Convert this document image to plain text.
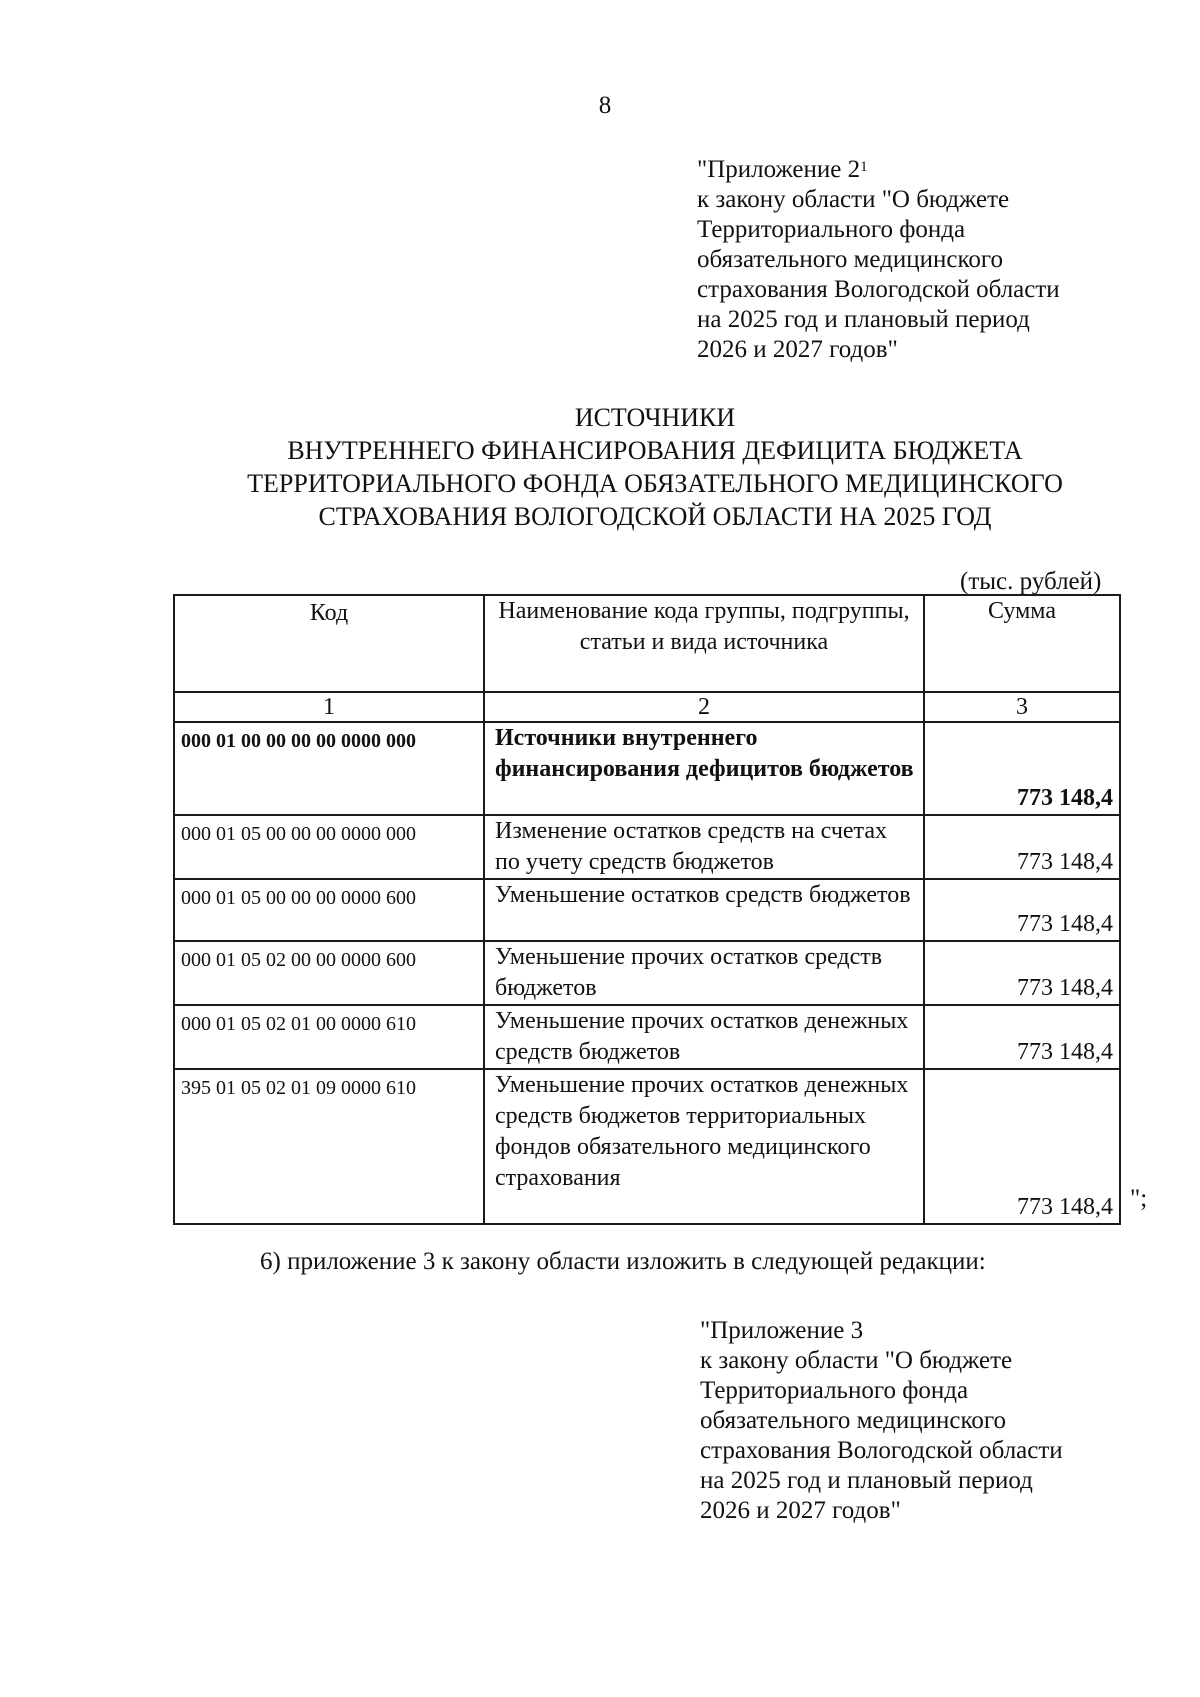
8
"Приложение $2^1$
к закону области "О бюджете
Территориального фонда
обязательного медицинского
страхования Вологодской области
на 2025 год и плановый период
2026 и 2027 годов"
ИСТОЧНИКИ
ВНУТРЕННЕГО ФИНАНСИРОВАНИЯ ДЕФИЦИТА БЮДЖЕТА
ТЕРРИТОРИАЛЬНОГО ФОНДА ОБЯЗАТЕЛЬНОГО МЕДИЦИНСКОГО
СТРАХОВАНИЯ ВОЛОГОДСКОЙ ОБЛАСТИ НА 2025 ГОД
(тыс. рублей)
Код	Наименование кода группы, подгруппы, статьи и вида источника	Сумма
1	2	3
000 01 00 00 00 00 0000 000	Источники внутреннего финансирования дефицитов бюджетов	773 148,4
000 01 05 00 00 00 0000 000	Изменение остатков средств на счетах по учету средств бюджетов	773 148,4
000 01 05 00 00 00 0000 600	Уменьшение остатков средств бюджетов	773 148,4
000 01 05 02 00 00 0000 600	Уменьшение прочих остатков средств бюджетов	773 148,4
000 01 05 02 01 00 0000 610	Уменьшение прочих остатков денежных средств бюджетов	773 148,4
395 01 05 02 01 09 0000 610	Уменьшение прочих остатков денежных средств бюджетов территориальных фондов обязательного медицинского страхования	773 148,4 ";
6) приложение 3 к закону области изложить в следующей редакции:
"Приложение 3
к закону области "О бюджете
Территориального фонда
обязательного медицинского
страхования Вологодской области
на 2025 год и плановый период
2026 и 2027 годов"
